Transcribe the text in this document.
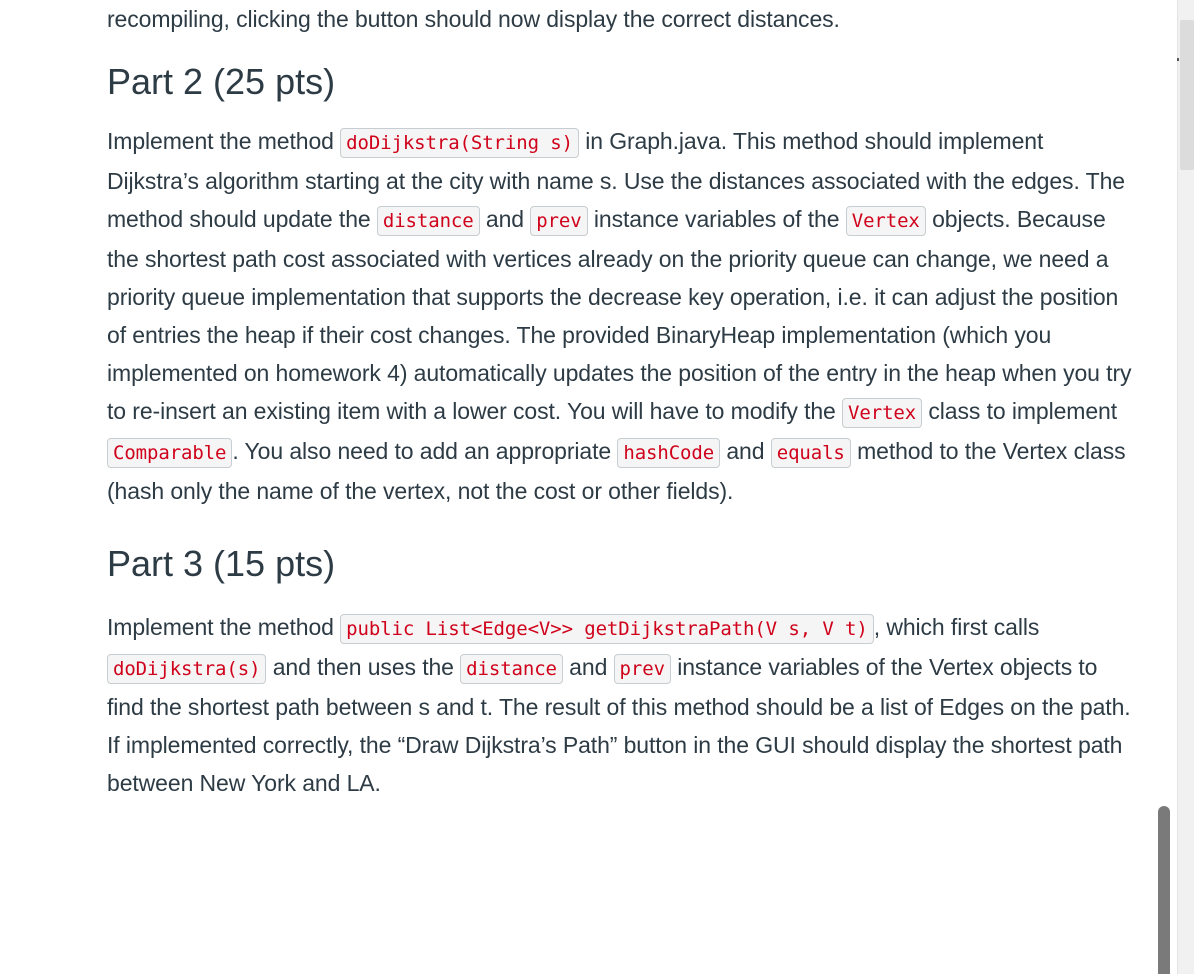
recompiling, clicking the button should now display the correct distances.

Part 2 (25 pts)

Implement the method doDijkstra(String s) in Graph.java. This method should implement Dijkstra’s algorithm starting at the city with name s. Use the distances associated with the edges. The method should update the distance and prev instance variables of the Vertex objects. Because the shortest path cost associated with vertices already on the priority queue can change, we need a priority queue implementation that supports the decrease key operation, i.e. it can adjust the position of entries the heap if their cost changes. The provided BinaryHeap implementation (which you implemented on homework 4) automatically updates the position of the entry in the heap when you try to re-insert an existing item with a lower cost. You will have to modify the Vertex class to implement Comparable . You also need to add an appropriate hashCode and equals method to the Vertex class (hash only the name of the vertex, not the cost or other fields).

Part 3 (15 pts)

Implement the method public List<Edge<V>> getDijkstraPath(V s, V t) , which first calls doDijkstra(s) and then uses the distance and prev instance variables of the Vertex objects to find the shortest path between s and t. The result of this method should be a list of Edges on the path.

If implemented correctly, the “Draw Dijkstra’s Path” button in the GUI should display the shortest path between New York and LA.
